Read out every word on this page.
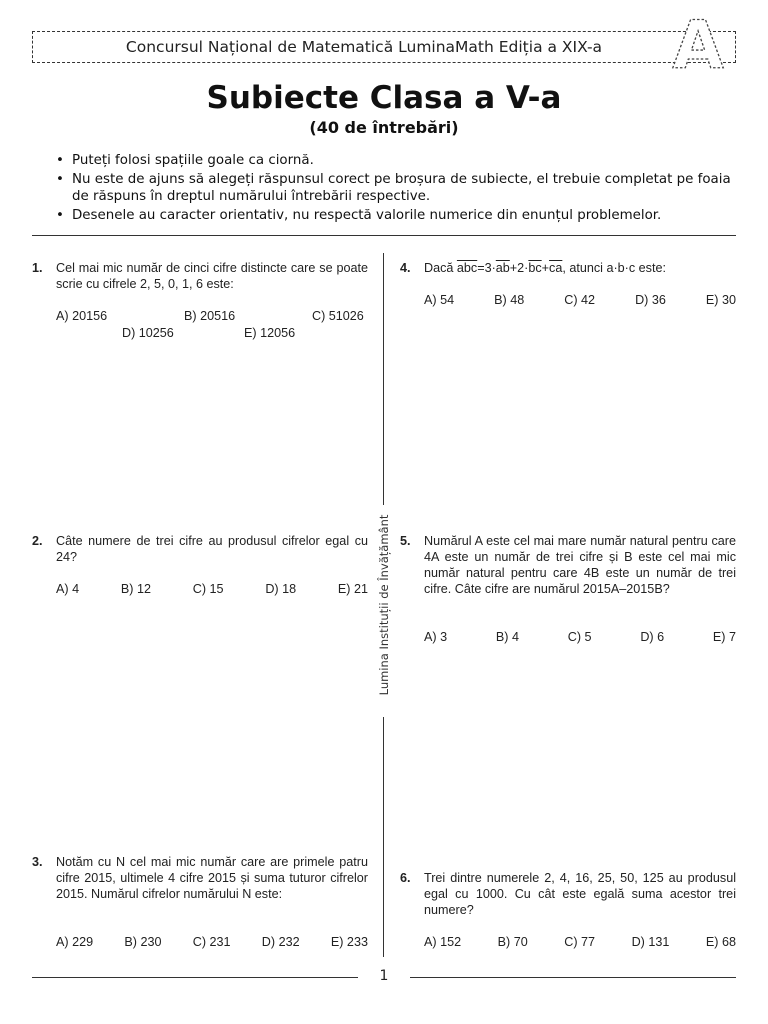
Concursul Național de Matematică LuminaMath Ediția a XIX-a A
Subiecte Clasa a V-a
(40 de întrebări)
• Puteți folosi spațiile goale ca ciornă.
• Nu este de ajuns să alegeți răspunsul corect pe broșura de subiecte, el trebuie completat pe foaia de răspuns în dreptul numărului întrebării respective.
• Desenele au caracter orientativ, nu respectă valorile numerice din enunțul problemelor.
Lumina Instituții de Învățământ
1. Cel mai mic număr de cinci cifre distincte care se poate scrie cu cifrele 2, 5, 0, 1, 6 este:
A) 20156	B) 20516	C) 51026
D) 10256	E) 12056
2. Câte numere de trei cifre au produsul cifrelor egal cu 24?
A) 4	B) 12	C) 15	D) 18	E) 21
3. Notăm cu N cel mai mic număr care are primele patru cifre 2015, ultimele 4 cifre 2015 și suma tuturor cifrelor 2015. Numărul cifrelor numărului N este:
A) 229 B) 230 C) 231 D) 232 E) 233
4. Dacă $\overline{abc}=3\cdot\overline{ab}+2\cdot\overline{bc}+\overline{ca}$, atunci a·b·c este:
A) 54	B) 48	C) 42	D) 36	E) 30
5. Numărul A este cel mai mare număr natural pentru care 4A este un număr de trei cifre și B este cel mai mic număr natural pentru care 4B este un număr de trei cifre. Câte cifre are numărul 2015A–2015B?
A) 3	B) 4	C) 5	D) 6	E) 7
6. Trei dintre numerele 2, 4, 16, 25, 50, 125 au produsul egal cu 1000. Cu cât este egală suma acestor trei numere?
A) 152	B) 70	C) 77	D) 131	E) 68
1
